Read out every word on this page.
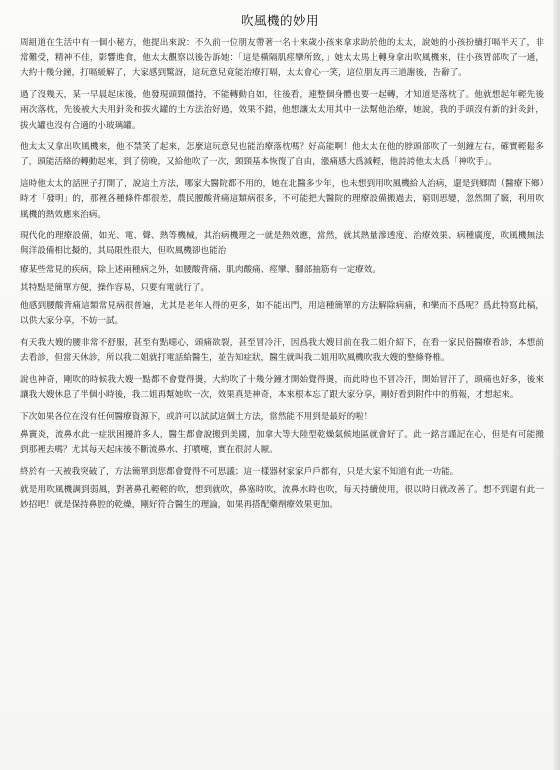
吹風機的妙用

周組道在生活中有一個小秘方，他提出來說：不久前一位朋友帶著一名十來歲小孩來拿求助於他的太太，說她的小孩扮續打嗝半天了，非常難受，精神不佳，影響進食，他太太觀察以後告訴她：「這是橫隔肌痙攣所致，」她太太馬上轉身拿出吹風機來，往小孩胃部吹了一通，大約十幾分鐘，打嗝緩解了，大家感到驚訝，這玩意兒竟能治療打嗝，太太會心一笑，這位朋友再三道謝後，告辭了。

過了沒幾天，某一早晨起床後，他發現頭頸僵持，不能轉動自如，往後看，連整個身體也要一起轉，才知道是落枕了。他就想起年輕先後兩次落枕，先後被大夫用針灸和拔火罐的土方法治好過，效果不錯，他想讓太太用其中一法幫他治療，她說，我的手頭沒有新的針灸針，拔火罐也沒有合適的小玻璃罐。

他太太又拿出吹風機來，他不禁笑了起來，怎麼這玩意兒也能治療落枕嗎？好高能啊！他太太在他的脖頭部吹了一刻鐘左右，確實輕鬆多了，頭能活絡的轉動起來，到了傍晚，又給他吹了一次，頸頸基本恢復了自由，漲痛感大爲減輕，他詩誇他太太爲「神吹手」。

這時他太太的話匣子打開了，說這土方法，哪家大醫院都不用的，她在北醫多少年，也未想到用吹風機給人治病，還是到鄉間（醫療下鄉）時才「發明」的，那裡各種條件都很差，農民腰酸背痛這類病很多，不可能把大醫院的理療設備搬過去，窮則思變，忽然開了竅，利用吹風機的熱效應來治病。

現代化的理療設備，如光、電、聲、熱等機械，其治病機理之一就是熱效應，當然，就其熱量滲透度、治療效果、病種廣度，吹風機無法與洋設備相比擬的，其局限性很大，但吹風機卻也能治

療某些常見的疾病，除上述兩種病之外，如腰酸背痛、肌肉酸痛、痙攣、腳部抽筋有一定療效。

其特點是簡單方便，操作容易，只要有電就行了。

他感到腰酸背痛這類常見病很普遍，尤其是老年人得的更多，如不能出門，用這種簡單的方法解除病痛，和樂而不爲呢？爲此特寫此稿，以供大家分享，不妨一試。

有天我大嫂的腰非常不舒服，甚至有點噁心，頭痛欲裂，甚至冒冷汗，因爲我大嫂目前在我二姐介紹下，在看一家民俗醫療看診，本想前去看診，但當天休診，所以我二姐就打電話給醫生，並告知症狀，醫生就叫我二姐用吹風機吹我大嫂的整條脊椎。

說也神奇，剛吹的時候我大嫂一點都不會覺得燙，大約吹了十幾分鐘才開始覺得燙，而此時也不冒冷汗，開始冒汗了，頭痛也好多，後來讓我大嫂休息了半個小時後，我二姐再幫她吹一次，效果真是神奇，本來根本忘了跟大家分享，剛好看到附件中的剪報，才想起來。

下次如果各位在沒有任何醫療資源下，或許可以試試這個土方法，當然能不用到是最好的啦！

鼻竇炎，流鼻水此一症狀困擾許多人，醫生都會說搬到美國，加拿大等大陸型乾燥氣候地區就會好了。此一銘言謹記在心，但是有可能搬到那裡去嗎？尤其每天起床後不斷流鼻水、打噴嚏，實在很討人厭。

終於有一天被我突破了，方法簡單到您都會覺得不可思議；這一樣器材家家戶戶都有，只是大家不知道有此一功能。

就是用吹風機調到弱風，對著鼻孔輕輕的吹，想到就吹，鼻塞時吹，流鼻水時也吹，每天持續使用，很以時日就改善了。想不到還有此一妙招吧！就是保持鼻腔的乾燥，剛好符合醫生的理論，如果再搭配藥劑療效果更加。
